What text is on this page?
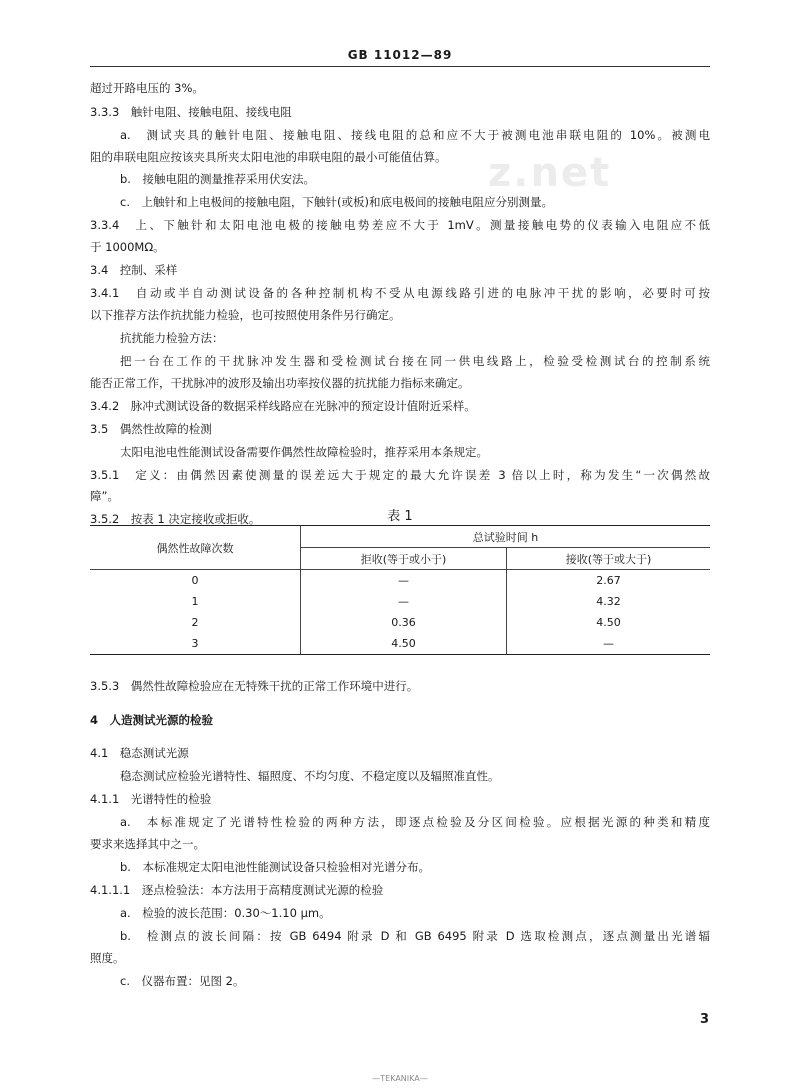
z.net
GB 11012—89
超过开路电压的 3%。
3.3.3　触针电阻、接触电阻、接线电阻
a.　测试夹具的触针电阻、接触电阻、接线电阻的总和应不大于被测电池串联电阻的 10%。被测电
阻的串联电阻应按该夹具所夹太阳电池的串联电阻的最小可能值估算。
b.　接触电阻的测量推荐采用伏安法。
c.　上触针和上电极间的接触电阻，下触针(或板)和底电极间的接触电阻应分别测量。
3.3.4　上、下触针和太阳电池电极的接触电势差应不大于 1mV。测量接触电势的仪表输入电阻应不低
于 1000MΩ。
3.4　控制、采样
3.4.1　自动或半自动测试设备的各种控制机构不受从电源线路引进的电脉冲干扰的影响，必要时可按
以下推荐方法作抗扰能力检验，也可按照使用条件另行确定。
抗扰能力检验方法：
把一台在工作的干扰脉冲发生器和受检测试台接在同一供电线路上，检验受检测试台的控制系统
能否正常工作，干扰脉冲的波形及输出功率按仪器的抗扰能力指标来确定。
3.4.2　脉冲式测试设备的数据采样线路应在光脉冲的预定设计值附近采样。
3.5　偶然性故障的检测
太阳电池电性能测试设备需要作偶然性故障检验时，推荐采用本条规定。
3.5.1　定义：由偶然因素使测量的误差远大于规定的最大允许误差 3 倍以上时，称为发生“一次偶然故
障”。
3.5.2　按表 1 决定接收或拒收。	表 1
偶然性故障次数	总试验时间 h	
	拒收(等于或小于)	接收(等于或大于)
0	—	2.67
1	—	4.32
2	0.36	4.50
3	4.50	—
3.5.3　偶然性故障检验应在无特殊干扰的正常工作环境中进行。
4　人造测试光源的检验
4.1　稳态测试光源
稳态测试应检验光谱特性、辐照度、不均匀度、不稳定度以及辐照准直性。
4.1.1　光谱特性的检验
a.　本标准规定了光谱特性检验的两种方法，即逐点检验及分区间检验。应根据光源的种类和精度
要求来选择其中之一。
b.　本标准规定太阳电池性能测试设备只检验相对光谱分布。
4.1.1.1　逐点检验法：本方法用于高精度测试光源的检验
a.　检验的波长范围：0.30～1.10 μm。
b.　检测点的波长间隔：按 GB 6494 附录 D 和 GB 6495 附录 D 选取检测点，逐点测量出光谱辐
照度。
c.　仪器布置：见图 2。
3
—TEKANIKA—
